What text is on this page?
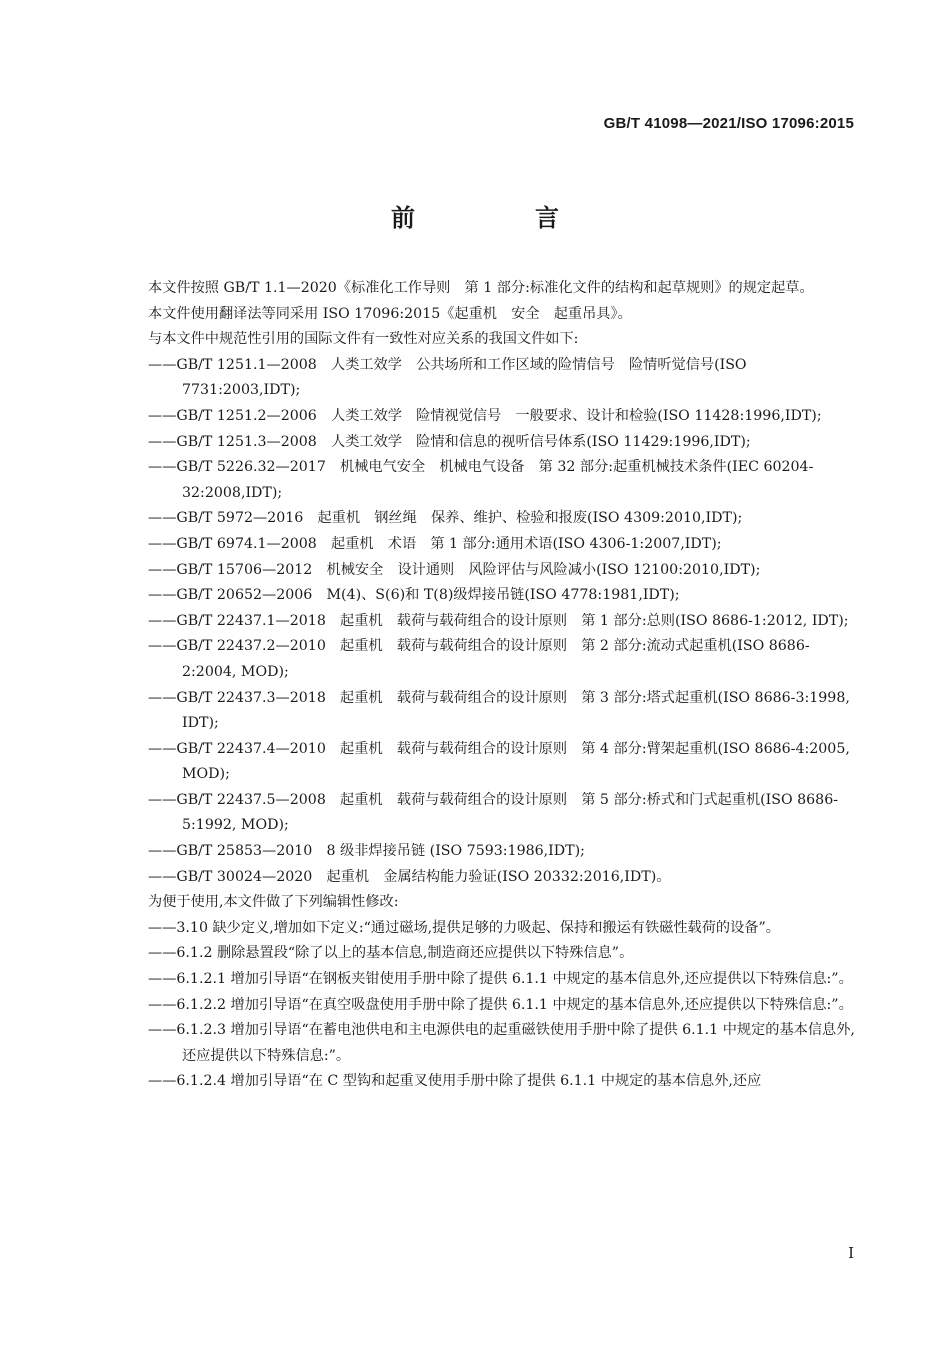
GB/T 41098—2021/ISO 17096:2015
前　言

本文件按照 GB/T 1.1—2020《标准化工作导则　第 1 部分:标准化文件的结构和起草规则》的规定起草。

本文件使用翻译法等同采用 ISO 17096:2015《起重机　安全　起重吊具》。

与本文件中规范性引用的国际文件有一致性对应关系的我国文件如下:

——GB/T 1251.1—2008　人类工效学　公共场所和工作区域的险情信号　险情听觉信号(ISO 7731:2003,IDT);

——GB/T 1251.2—2006　人类工效学　险情视觉信号　一般要求、设计和检验(ISO 11428:1996,IDT);

——GB/T 1251.3—2008　人类工效学　险情和信息的视听信号体系(ISO 11429:1996,IDT);

——GB/T 5226.32—2017　机械电气安全　机械电气设备　第 32 部分:起重机械技术条件(IEC 60204-32:2008,IDT);

——GB/T 5972—2016　起重机　钢丝绳　保养、维护、检验和报废(ISO 4309:2010,IDT);

——GB/T 6974.1—2008　起重机　术语　第 1 部分:通用术语(ISO 4306-1:2007,IDT);

——GB/T 15706—2012　机械安全　设计通则　风险评估与风险减小(ISO 12100:2010,IDT);

——GB/T 20652—2006　M(4)、S(6)和 T(8)级焊接吊链(ISO 4778:1981,IDT);

——GB/T 22437.1—2018　起重机　载荷与载荷组合的设计原则　第 1 部分:总则(ISO 8686-1:2012, IDT);

——GB/T 22437.2—2010　起重机　载荷与载荷组合的设计原则　第 2 部分:流动式起重机(ISO 8686-2:2004, MOD);

——GB/T 22437.3—2018　起重机　载荷与载荷组合的设计原则　第 3 部分:塔式起重机(ISO 8686-3:1998, IDT);

——GB/T 22437.4—2010　起重机　载荷与载荷组合的设计原则　第 4 部分:臂架起重机(ISO 8686-4:2005, MOD);

——GB/T 22437.5—2008　起重机　载荷与载荷组合的设计原则　第 5 部分:桥式和门式起重机(ISO 8686-5:1992, MOD);

——GB/T 25853—2010　8 级非焊接吊链 (ISO 7593:1986,IDT);

——GB/T 30024—2020　起重机　金属结构能力验证(ISO 20332:2016,IDT)。

为便于使用,本文件做了下列编辑性修改:

——3.10 缺少定义,增加如下定义:“通过磁场,提供足够的力吸起、保持和搬运有铁磁性载荷的设备”。

——6.1.2 删除悬置段“除了以上的基本信息,制造商还应提供以下特殊信息”。

——6.1.2.1 增加引导语“在钢板夹钳使用手册中除了提供 6.1.1 中规定的基本信息外,还应提供以下特殊信息:”。

——6.1.2.2 增加引导语“在真空吸盘使用手册中除了提供 6.1.1 中规定的基本信息外,还应提供以下特殊信息:”。

——6.1.2.3 增加引导语“在蓄电池供电和主电源供电的起重磁铁使用手册中除了提供 6.1.1 中规定的基本信息外,还应提供以下特殊信息:”。

——6.1.2.4 增加引导语“在 C 型钩和起重叉使用手册中除了提供 6.1.1 中规定的基本信息外,还应

I
